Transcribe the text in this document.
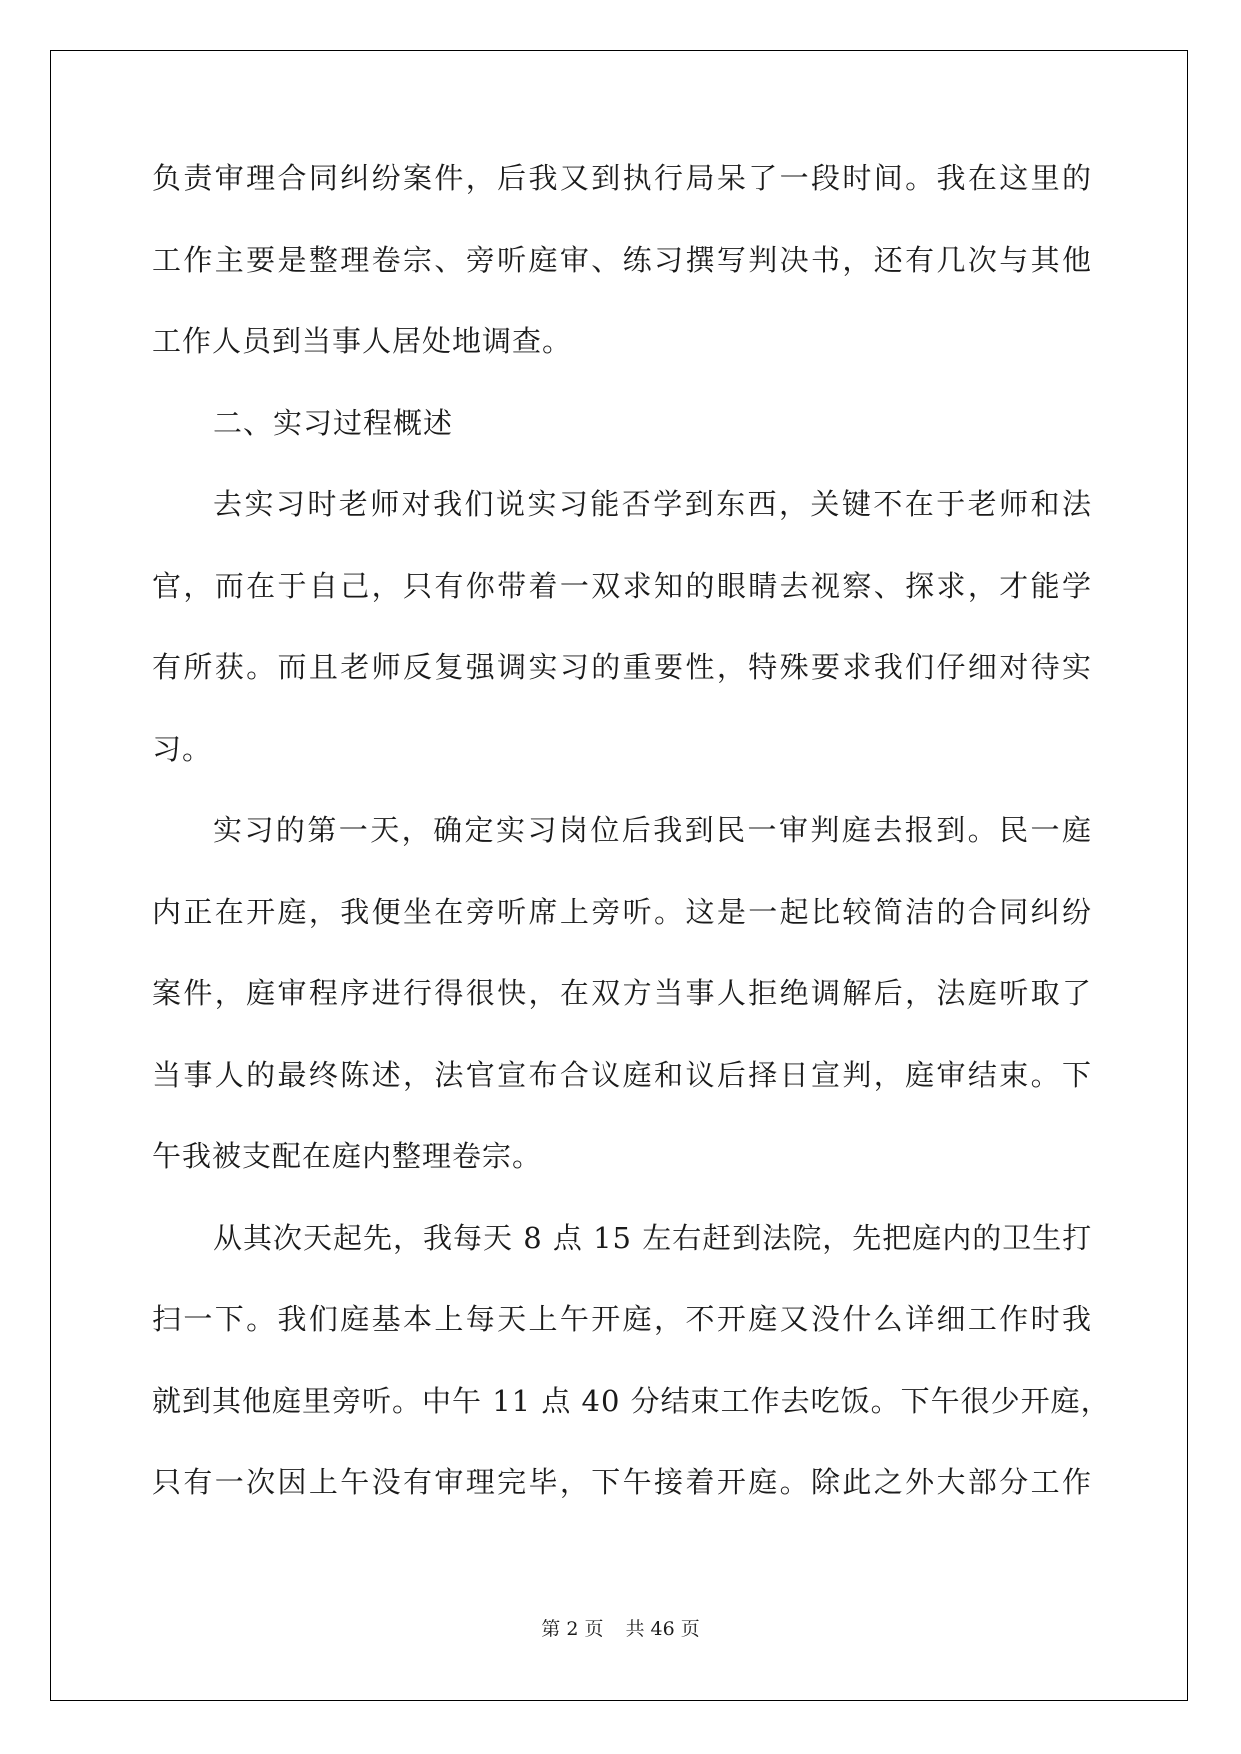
负责审理合同纠纷案件，后我又到执行局呆了一段时间。我在这里的
工作主要是整理卷宗、旁听庭审、练习撰写判决书，还有几次与其他
工作人员到当事人居处地调查。
二、实习过程概述
去实习时老师对我们说实习能否学到东西，关键不在于老师和法
官，而在于自己，只有你带着一双求知的眼睛去视察、探求，才能学
有所获。而且老师反复强调实习的重要性，特殊要求我们仔细对待实
习。
实习的第一天，确定实习岗位后我到民一审判庭去报到。民一庭
内正在开庭，我便坐在旁听席上旁听。这是一起比较简洁的合同纠纷
案件，庭审程序进行得很快，在双方当事人拒绝调解后，法庭听取了
当事人的最终陈述，法官宣布合议庭和议后择日宣判，庭审结束。下
午我被支配在庭内整理卷宗。
从其次天起先，我每天 8 点 15 左右赶到法院，先把庭内的卫生打
扫一下。我们庭基本上每天上午开庭，不开庭又没什么详细工作时我
就到其他庭里旁听。中午 11 点 40 分结束工作去吃饭。下午很少开庭，
只有一次因上午没有审理完毕，下午接着开庭。除此之外大部分工作
第 2 页 共 46 页
